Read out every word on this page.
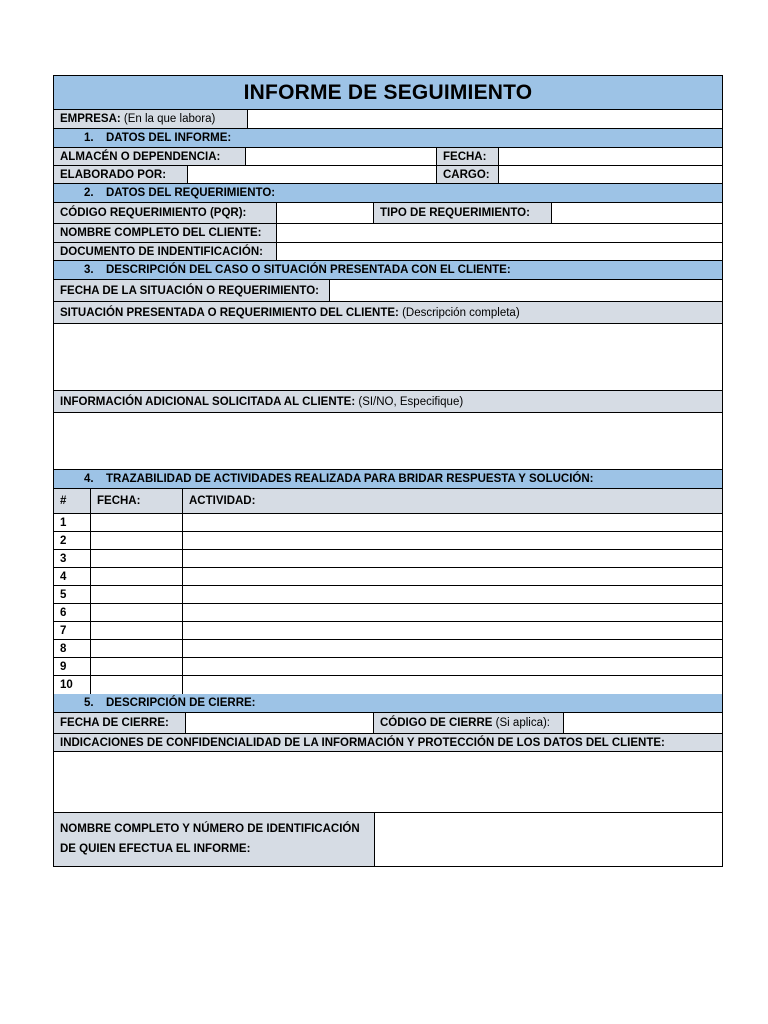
INFORME DE SEGUIMIENTO
EMPRESA:
(En la que labora)
1.	DATOS DEL INFORME:
ALMACÉN O DEPENDENCIA:	FECHA:
ELABORADO POR:	CARGO:
2.	DATOS DEL REQUERIMIENTO:
CÓDIGO REQUERIMIENTO (PQR):	TIPO DE REQUERIMIENTO:
NOMBRE COMPLETO DEL CLIENTE:
DOCUMENTO DE INDENTIFICACIÓN:
3.	DESCRIPCIÓN DEL CASO O SITUACIÓN PRESENTADA CON EL CLIENTE:
FECHA DE LA SITUACIÓN O REQUERIMIENTO:
SITUACIÓN PRESENTADA O REQUERIMIENTO DEL CLIENTE:
(Descripción completa)
INFORMACIÓN ADICIONAL SOLICITADA AL CLIENTE:
(SI/NO, Especifique)
4.	TRAZABILIDAD DE ACTIVIDADES REALIZADA PARA BRIDAR RESPUESTA Y SOLUCIÓN:
#	FECHA:	ACTIVIDAD:
1
2
3
4
5
6
7
8
9
10
5.	DESCRIPCIÓN DE CIERRE:
FECHA DE CIERRE:	CÓDIGO DE CIERRE
(Si aplica):
INDICACIONES DE CONFIDENCIALIDAD DE LA INFORMACIÓN Y PROTECCIÓN DE LOS DATOS DEL CLIENTE:
NOMBRE COMPLETO Y NÚMERO DE IDENTIFICACIÓN
DE QUIEN EFECTUA EL INFORME:
